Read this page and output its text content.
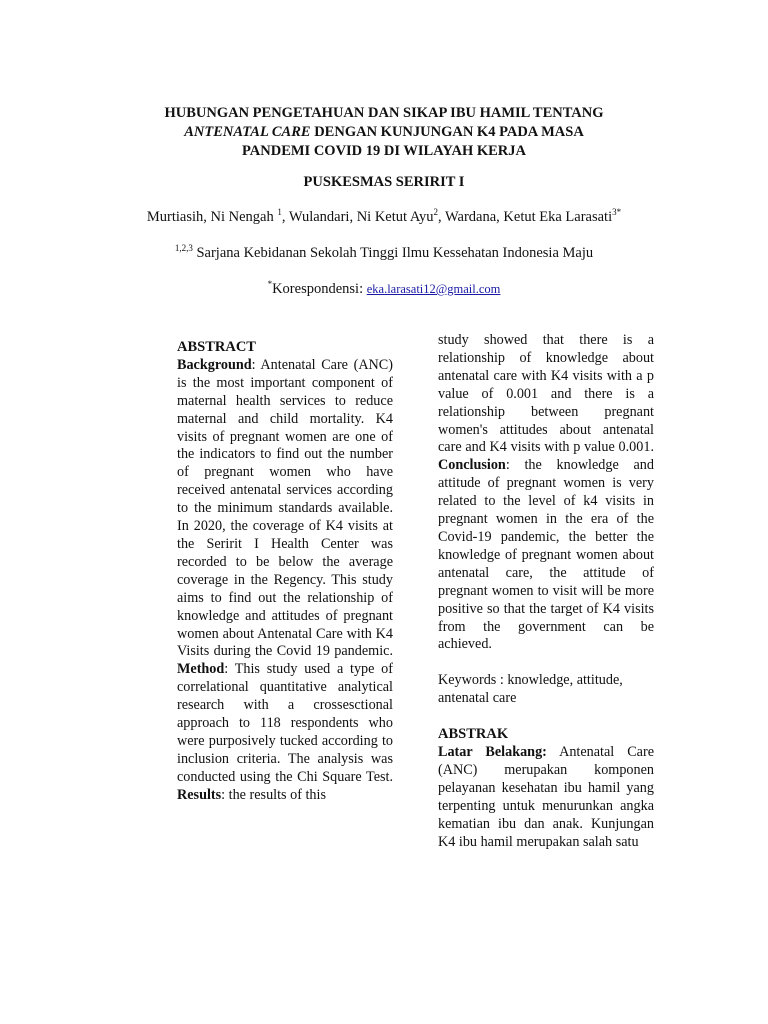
HUBUNGAN PENGETAHUAN DAN SIKAP IBU HAMIL TENTANG
ANTENATAL CARE DENGAN KUNJUNGAN K4 PADA MASA
PANDEMI COVID 19 DI WILAYAH KERJA
PUSKESMAS SERIRIT I
Murtiasih, Ni Nengah $^1$, Wulandari, Ni Ketut Ayu$^2$, Wardana, Ketut Eka Larasati$^{3*}$
$^{1,2,3}$ Sarjana Kebidanan Sekolah Tinggi Ilmu Kessehatan Indonesia Maju
*Korespondensi: eka.larasati12@gmail.com
ABSTRACT

Background: Antenatal Care (ANC) is the most important component of maternal health services to reduce maternal and child mortality. K4 visits of pregnant women are one of the indicators to find out the number of pregnant women who have received antenatal services according to the minimum standards available. In 2020, the coverage of K4 visits at the Seririt I Health Center was recorded to be below the average coverage in the Regency. This study aims to find out the relationship of knowledge and attitudes of pregnant women about Antenatal Care with K4 Visits during the Covid 19 pandemic. Method: This study used a type of correlational quantitative analytical research with a crossesctional approach to 118 respondents who were purposively tucked according to inclusion criteria. The analysis was conducted using the Chi Square Test. Results: the results of this

study showed that there is a relationship of knowledge about antenatal care with K4 visits with a p value of 0.001 and there is a relationship between pregnant women's attitudes about antenatal care and K4 visits with p value 0.001. Conclusion: the knowledge and attitude of pregnant women is very related to the level of k4 visits in pregnant women in the era of the Covid-19 pandemic, the better the knowledge of pregnant women about antenatal care, the attitude of pregnant women to visit will be more positive so that the target of K4 visits from the government can be achieved.

Keywords : knowledge, attitude, antenatal care

ABSTRAK

Latar Belakang: Antenatal Care (ANC) merupakan komponen pelayanan kesehatan ibu hamil yang terpenting untuk menurunkan angka kematian ibu dan anak. Kunjungan K4 ibu hamil merupakan salah satu
